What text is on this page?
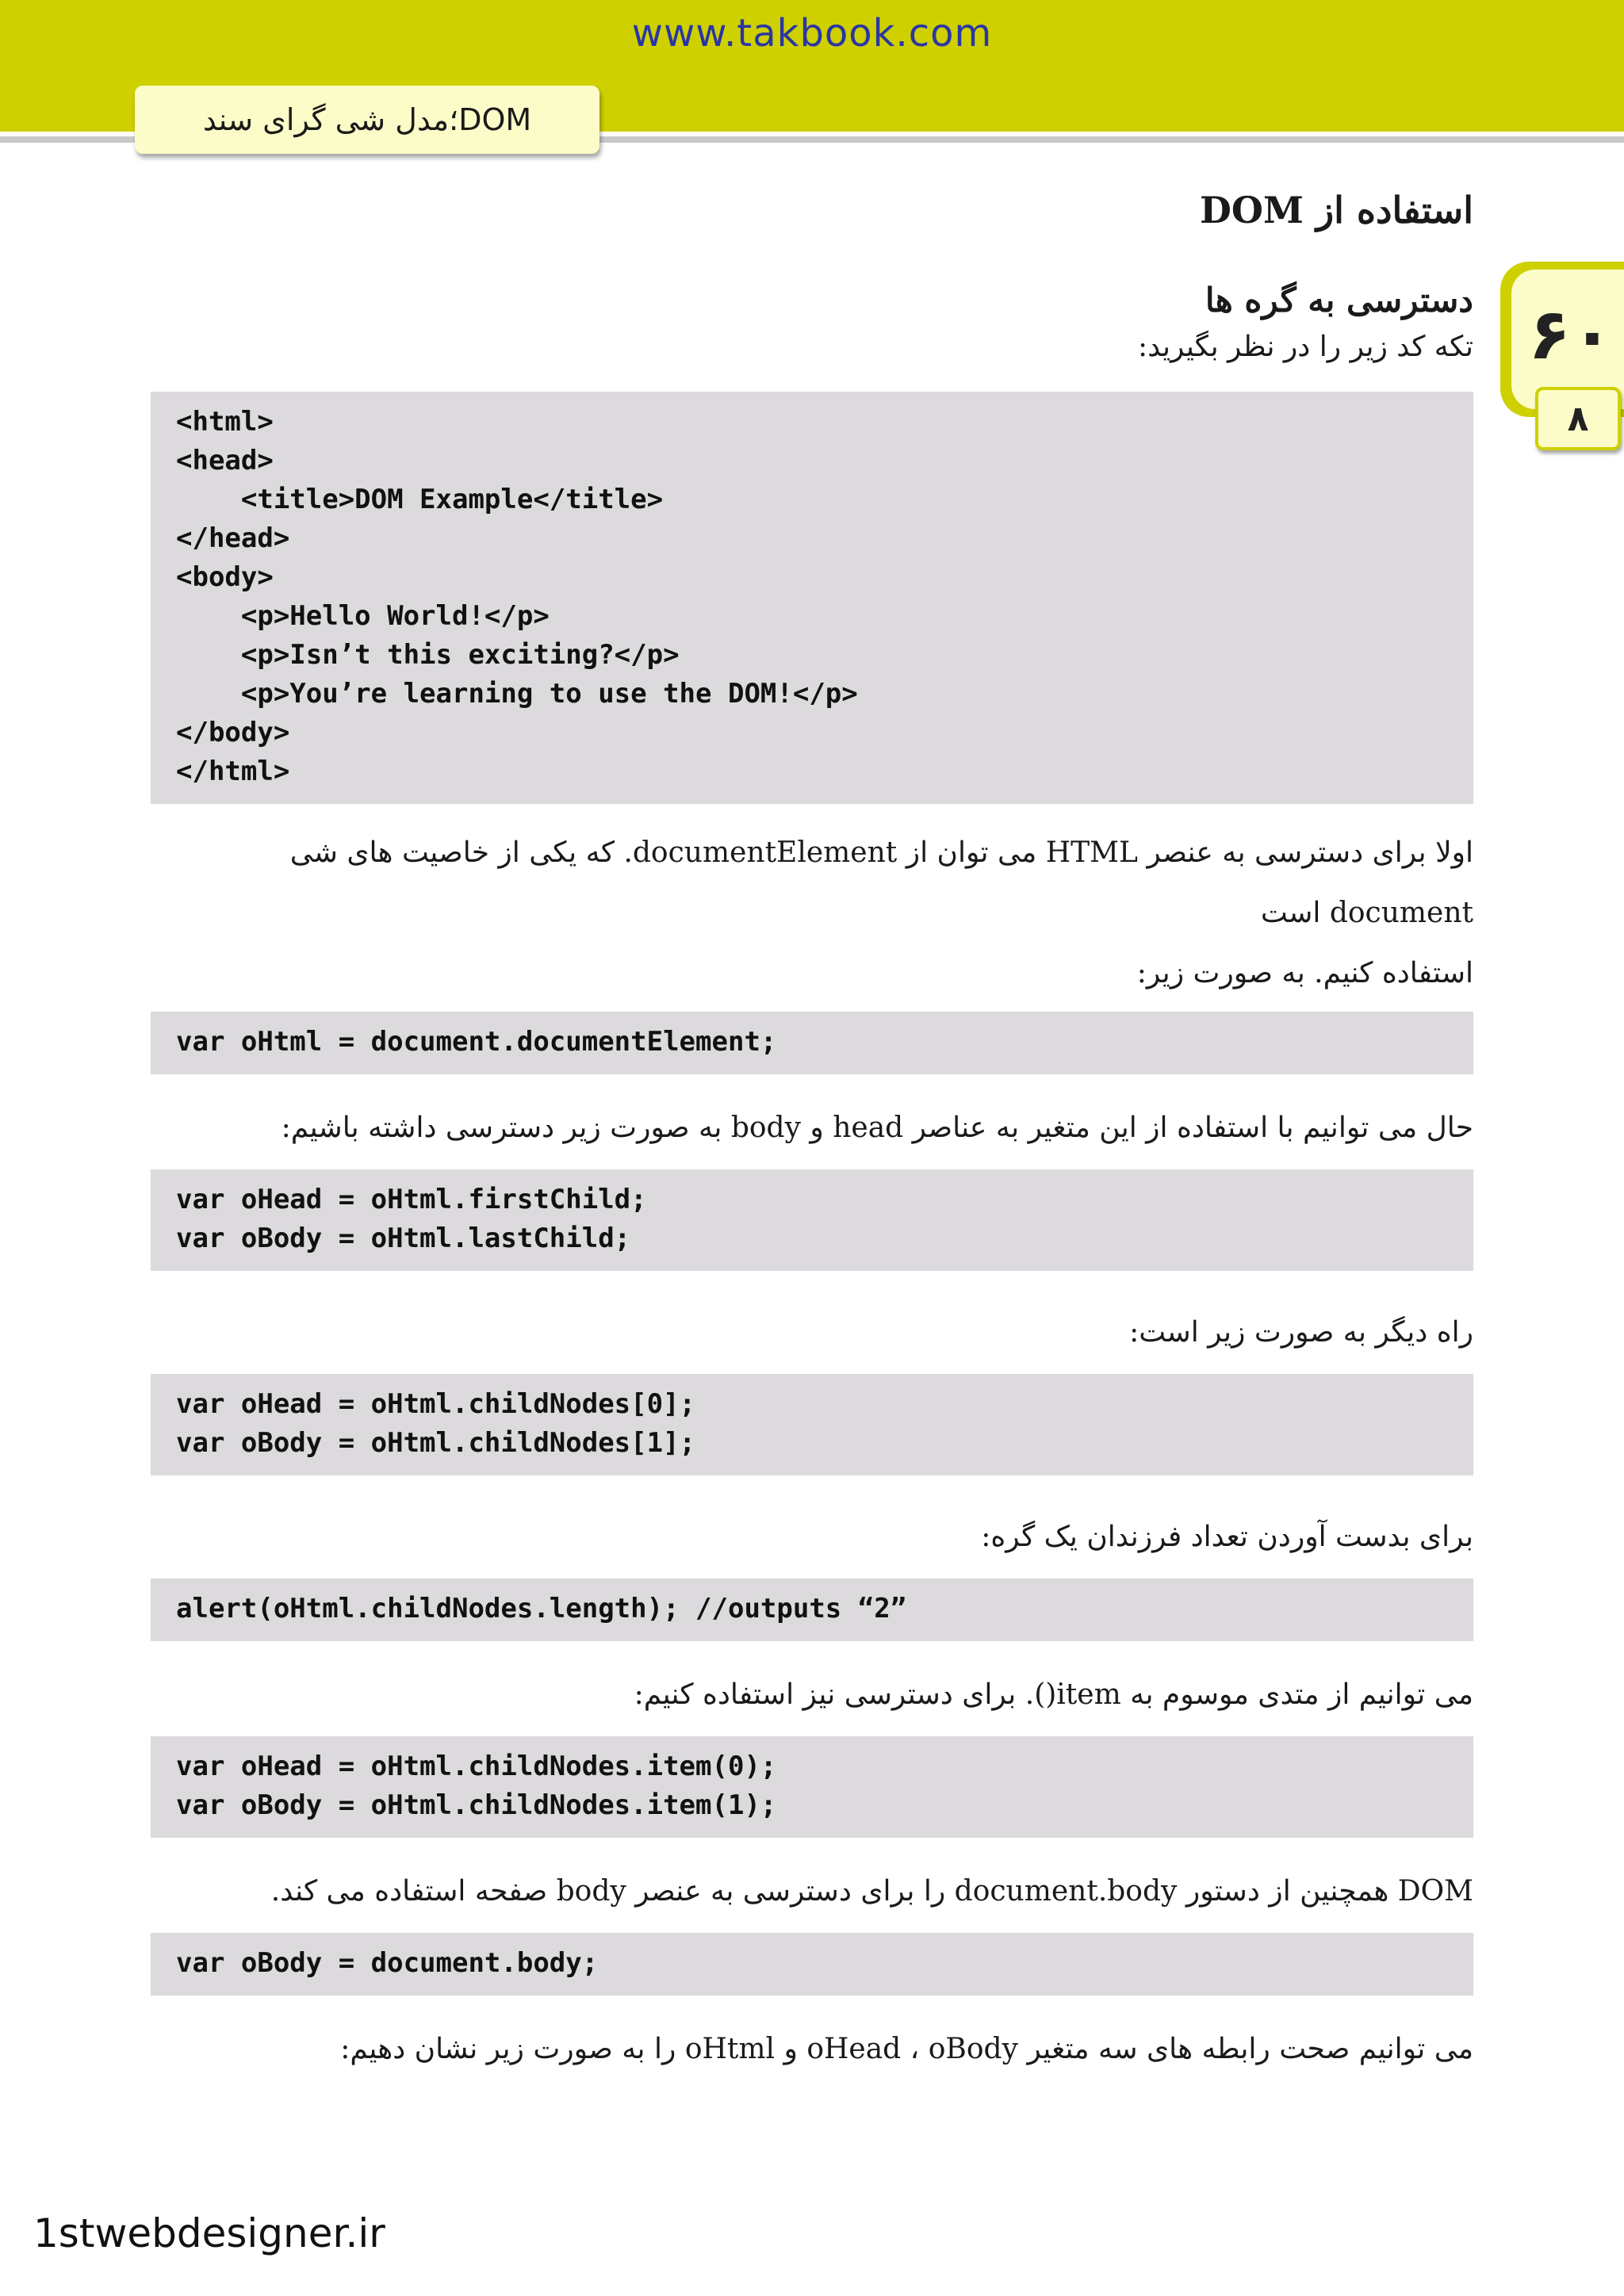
www.takbook.com
DOM؛مدل شی گرای سند
۶۰
۸
استفاده از DOM
دسترسی به گره ها
تکه کد زیر را در نظر بگیرید:
<html>
<head>
<title>DOM Example</title>
</head>
<body>
<p>Hello World!</p>
<p>Isn’t this exciting?</p>
<p>You’re learning to use the DOM!</p>
</body>
</html>
اولا برای دسترسی به عنصر HTML می توان از documentElement. که یکی از خاصیت های شی document است
استفاده کنیم. به صورت زیر:
var oHtml = document.documentElement;
حال می توانیم با استفاده از این متغیر به عناصر head و body به صورت زیر دسترسی داشته باشیم:
var oHead = oHtml.firstChild;
var oBody = oHtml.lastChild;
راه دیگر به صورت زیر است:
var oHead = oHtml.childNodes[0];
var oBody = oHtml.childNodes[1];
برای بدست آوردن تعداد فرزندان یک گره:
alert(oHtml.childNodes.length); //outputs “2”
می توانیم از متدی موسوم به item(). برای دسترسی نیز استفاده کنیم:
var oHead = oHtml.childNodes.item(0);
var oBody = oHtml.childNodes.item(1);
DOM همچنین از دستور document.body را برای دسترسی به عنصر body صفحه استفاده می کند.
var oBody = document.body;
می توانیم صحت رابطه های سه متغیر oHead ، oBody و oHtml را به صورت زیر نشان دهیم:
1stwebdesigner.ir
